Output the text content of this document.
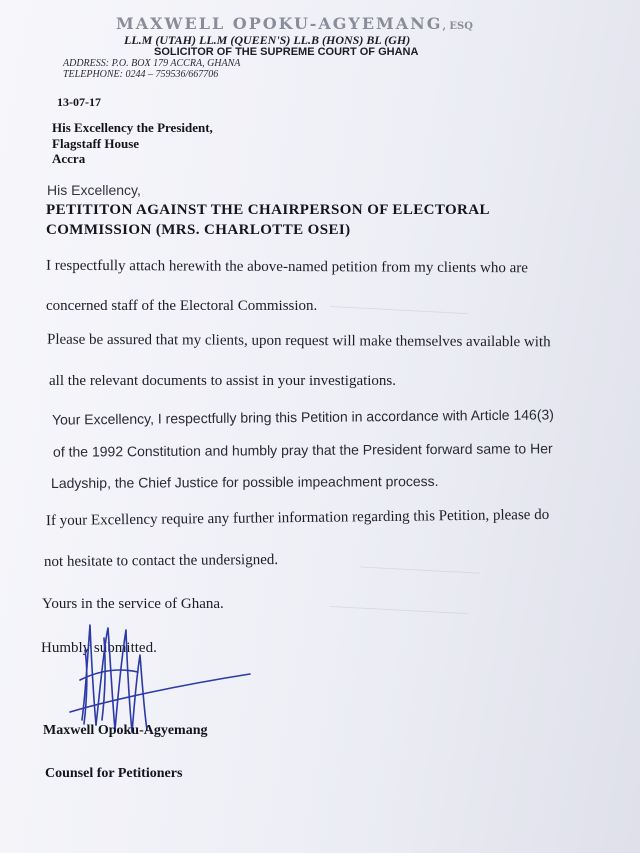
───────────────
─────────────
───────────────
MAXWELL OPOKU-AGYEMANG, ESQ
LL.M (UTAH) LL.M (QUEEN'S) LL.B (HONS) BL (GH)
SOLICITOR OF THE SUPREME COURT OF GHANA
ADDRESS: P.O. BOX 179 ACCRA, GHANA
TELEPHONE: 0244 – 759536/667706
13-07-17
His Excellency the President,
Flagstaff House
Accra
His Excellency,
PETITITON AGAINST THE CHAIRPERSON OF ELECTORAL
COMMISSION (MRS. CHARLOTTE OSEI)
I respectfully attach herewith the above-named petition from my clients who are
concerned staff of the Electoral Commission.
Please be assured that my clients, upon request will make themselves available with
all the relevant documents to assist in your investigations.
Your Excellency, I respectfully bring this Petition in accordance with Article 146(3)
of the 1992 Constitution and humbly pray that the President forward same to Her
Ladyship, the Chief Justice for possible impeachment process.
If your Excellency require any further information regarding this Petition, please do
not hesitate to contact the undersigned.
Yours in the service of Ghana.
Humbly submitted.
Maxwell Opoku-Agyemang
Counsel for Petitioners
